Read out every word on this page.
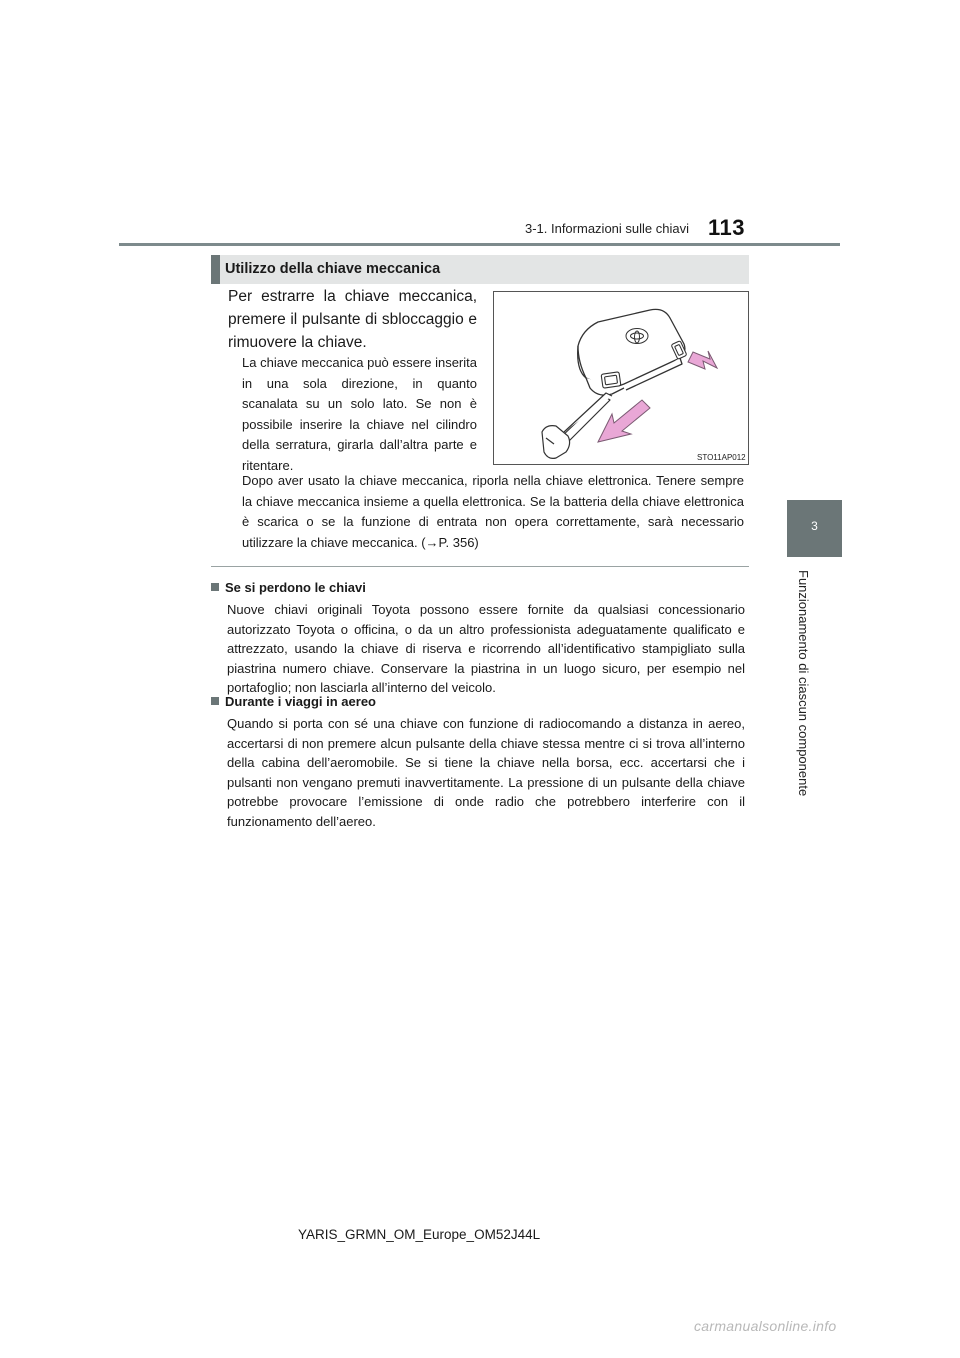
3-1. Informazioni sulle chiavi 113
3
Funzionamento di ciascun componente
Utilizzo della chiave meccanica
Per estrarre la chiave meccanica, premere il pulsante di sbloccaggio e rimuovere la chiave.
La chiave meccanica può essere inserita in una sola direzione, in quanto scanalata su un solo lato. Se non è possibile inserire la chiave nel cilindro della serratura, girarla dall’altra parte e ritentare.
Dopo aver usato la chiave meccanica, riporla nella chiave elettronica. Tenere sempre la chiave meccanica insieme a quella elettronica. Se la batteria della chiave elettronica è scarica o se la funzione di entrata non opera correttamente, sarà necessario utilizzare la chiave meccanica. (→P. 356)
STO11AP012
Se si perdono le chiavi
Nuove chiavi originali Toyota possono essere fornite da qualsiasi concessionario autorizzato Toyota o officina, o da un altro professionista adeguatamente qualificato e attrezzato, usando la chiave di riserva e ricorrendo all’identificativo stampigliato sulla piastrina numero chiave. Conservare la piastrina in un luogo sicuro, per esempio nel portafoglio; non lasciarla all’interno del veicolo.
Durante i viaggi in aereo
Quando si porta con sé una chiave con funzione di radiocomando a distanza in aereo, accertarsi di non premere alcun pulsante della chiave stessa mentre ci si trova all’interno della cabina dell’aeromobile. Se si tiene la chiave nella borsa, ecc. accertarsi che i pulsanti non vengano premuti inavvertitamente. La pressione di un pulsante della chiave potrebbe provocare l’emissione di onde radio che potrebbero interferire con il funzionamento dell’aereo.
YARIS_GRMN_OM_Europe_OM52J44L
carmanualsonline.info
